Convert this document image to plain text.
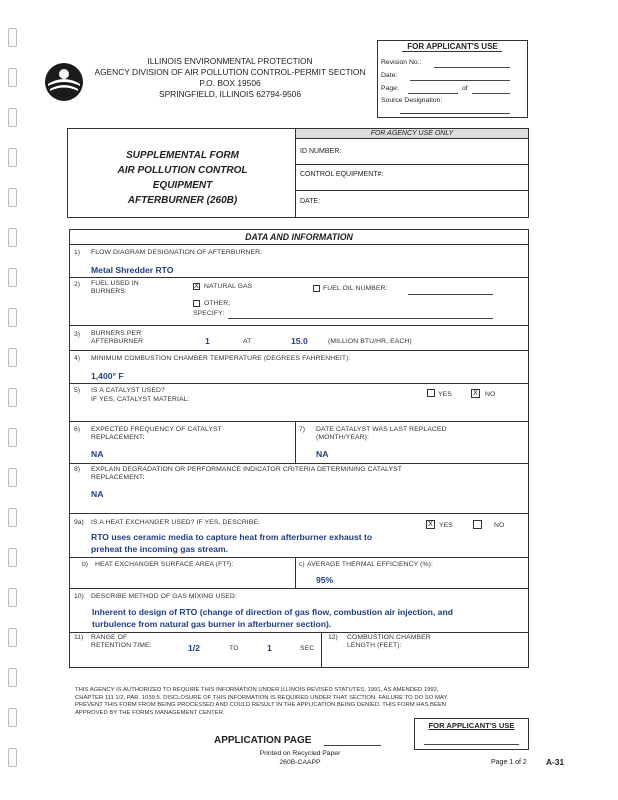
ILLINOIS ENVIRONMENTAL PROTECTION
AGENCY DIVISION OF AIR POLLUTION CONTROL-PERMIT SECTION
P.O. BOX 19506
SPRINGFIELD, ILLINOIS 62794-9506
FOR APPLICANT'S USE
Revision No.:
Date:
Page:	of
Source Designation:
SUPPLEMENTAL FORM
AIR POLLUTION CONTROL
EQUIPMENT
AFTERBURNER (260B)
FOR AGENCY USE ONLY
ID NUMBER:
CONTROL EQUIPMENT#:
DATE:
DATA AND INFORMATION
1) FLOW DIAGRAM DESIGNATION OF AFTERBURNER:
Metal Shredder RTO
2) FUEL USED IN
BURNERS:
X NATURAL GAS	FUEL OIL NUMBER:
OTHER,
SPECIFY:
3) BURNERS PER
AFTERBURNER	1	AT	15.0	(MILLION BTU/HR, EACH)
4) MINIMUM COMBUSTION CHAMBER TEMPERATURE (DEGREES FAHRENHEIT):
1,400° F
5) IS A CATALYST USED?
IF YES, CATALYST MATERIAL:
YES	X	NO
6) EXPECTED FREQUENCY OF CATALYST
REPLACEMENT:
NA
7) DATE CATALYST WAS LAST REPLACED
(MONTH/YEAR):
NA
8) EXPLAIN DEGRADATION OR PERFORMANCE INDICATOR CRITERIA DETERMINING CATALYST
REPLACEMENT:
NA
9a) IS A HEAT EXCHANGER USED? IF YES, DESCRIBE:	X YES	NO
RTO uses ceramic media to capture heat from afterburner exhaust to
preheat the incoming gas stream.
b) HEAT EXCHANGER SURFACE AREA (FT²):	c) AVERAGE THERMAL EFFICIENCY (%):
95%
10) DESCRIBE METHOD OF GAS MIXING USED:
Inherent to design of RTO (change of direction of gas flow, combustion air injection, and
turbulence from natural gas burner in afterburner section).
11) RANGE OF
RETENTION TIME:	1/2	TO	1	SEC
12) COMBUSTION CHAMBER
LENGTH (FEET):
THIS AGENCY IS AUTHORIZED TO REQUIRE THIS INFORMATION UNDER ILLINOIS REVISED STATUTES, 1991, AS AMENDED 1992,
CHAPTER 111 1/2, PAR. 1039.5. DISCLOSURE OF THIS INFORMATION IS REQUIRED UNDER THAT SECTION. FAILURE TO DO SO MAY
PREVENT THIS FORM FROM BEING PROCESSED AND COULD RESULT IN THE APPLICATION BEING DENIED. THIS FORM HAS BEEN
APPROVED BY THE FORMS MANAGEMENT CENTER.
FOR APPLICANT'S USE
APPLICATION PAGE
Printed on Recycled Paper
260B-CAAPP	Page 1 of 2 A-31
